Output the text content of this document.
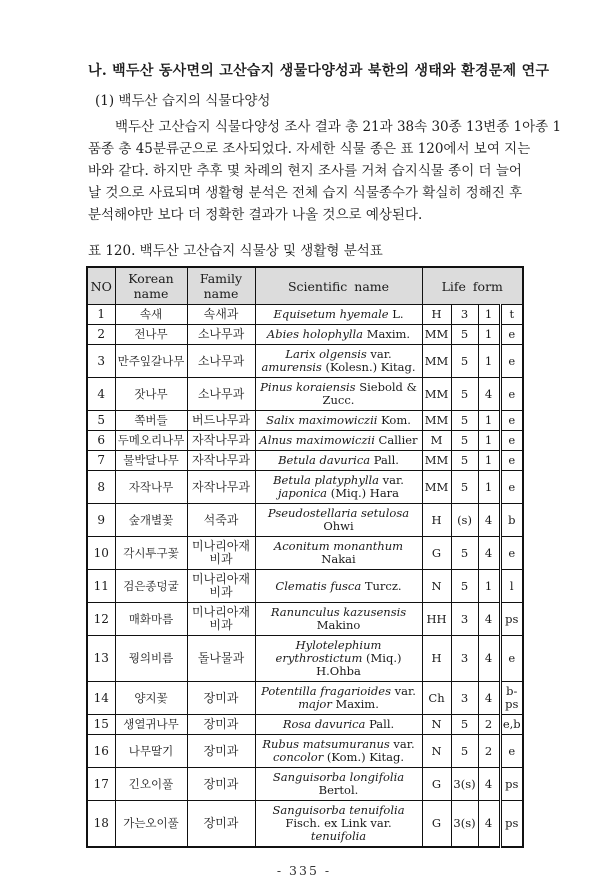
나. 백두산 동사면의 고산습지 생물다양성과 북한의 생태와 환경문제 연구
(1) 백두산 습지의 식물다양성
백두산 고산습지 식물다양성 조사 결과 총 21과 38속 30종 13변종 1아종 1
품종 총 45분류군으로 조사되었다. 자세한 식물 종은 표 120에서 보여 지는
바와 같다. 하지만 추후 몇 차례의 현지 조사를 거쳐 습지식물 종이 더 늘어
날 것으로 사료되며 생활형 분석은 전체 습지 식물종수가 확실히 정해진 후
분석해야만 보다 더 정확한 결과가 나올 것으로 예상된다.
표 120. 백두산 고산습지 식물상 및 생활형 분석표
NO	Korean name	Family name	Scientific name	Life form			
1	속새	속새과	Equisetum hyemale L.	H	3	1	t
2	전나무	소나무과	Abies holophylla Maxim.	MM	5	1	e
3	만주잎갈나무	소나무과	Larix olgensis var. amurensis (Kolesn.) Kitag.	MM	5	1	e
4	잣나무	소나무과	Pinus koraiensis Siebold & Zucc.	MM	5	4	e
5	쪽버들	버드나무과	Salix maximowiczii Kom.	MM	5	1	e
6	두메오리나무	자작나무과	Alnus maximowiczii Callier	M	5	1	e
7	물박달나무	자작나무과	Betula davurica Pall.	MM	5	1	e
8	자작나무	자작나무과	Betula platyphylla var. japonica (Miq.) Hara	MM	5	1	e
9	숲개별꽃	석죽과	Pseudostellaria setulosa Ohwi	H	(s)	4	b
10	각시투구꽃	미나리아재비과	Aconitum monanthum Nakai	G	5	4	e
11	검은종덩굴	미나리아재비과	Clematis fusca Turcz.	N	5	1	l
12	매화마름	미나리아재비과	Ranunculus kazusensis Makino	HH	3	4	ps
13	꿩의비름	돌나물과	Hylotelephium erythrostictum (Miq.) H.Ohba	H	3	4	e
14	양지꽃	장미과	Potentilla fragarioides var. major Maxim.	Ch	3	4	b-ps
15	생열귀나무	장미과	Rosa davurica Pall.	N	5	2	e,b
16	나무딸기	장미과	Rubus matsumuranus var. concolor (Kom.) Kitag.	N	5	2	e
17	긴오이풀	장미과	Sanguisorba longifolia Bertol.	G	3(s)	4	ps
18	가는오이풀	장미과	Sanguisorba tenuifolia Fisch. ex Link var. tenuifolia	G	3(s)	4	ps
- 335 -
